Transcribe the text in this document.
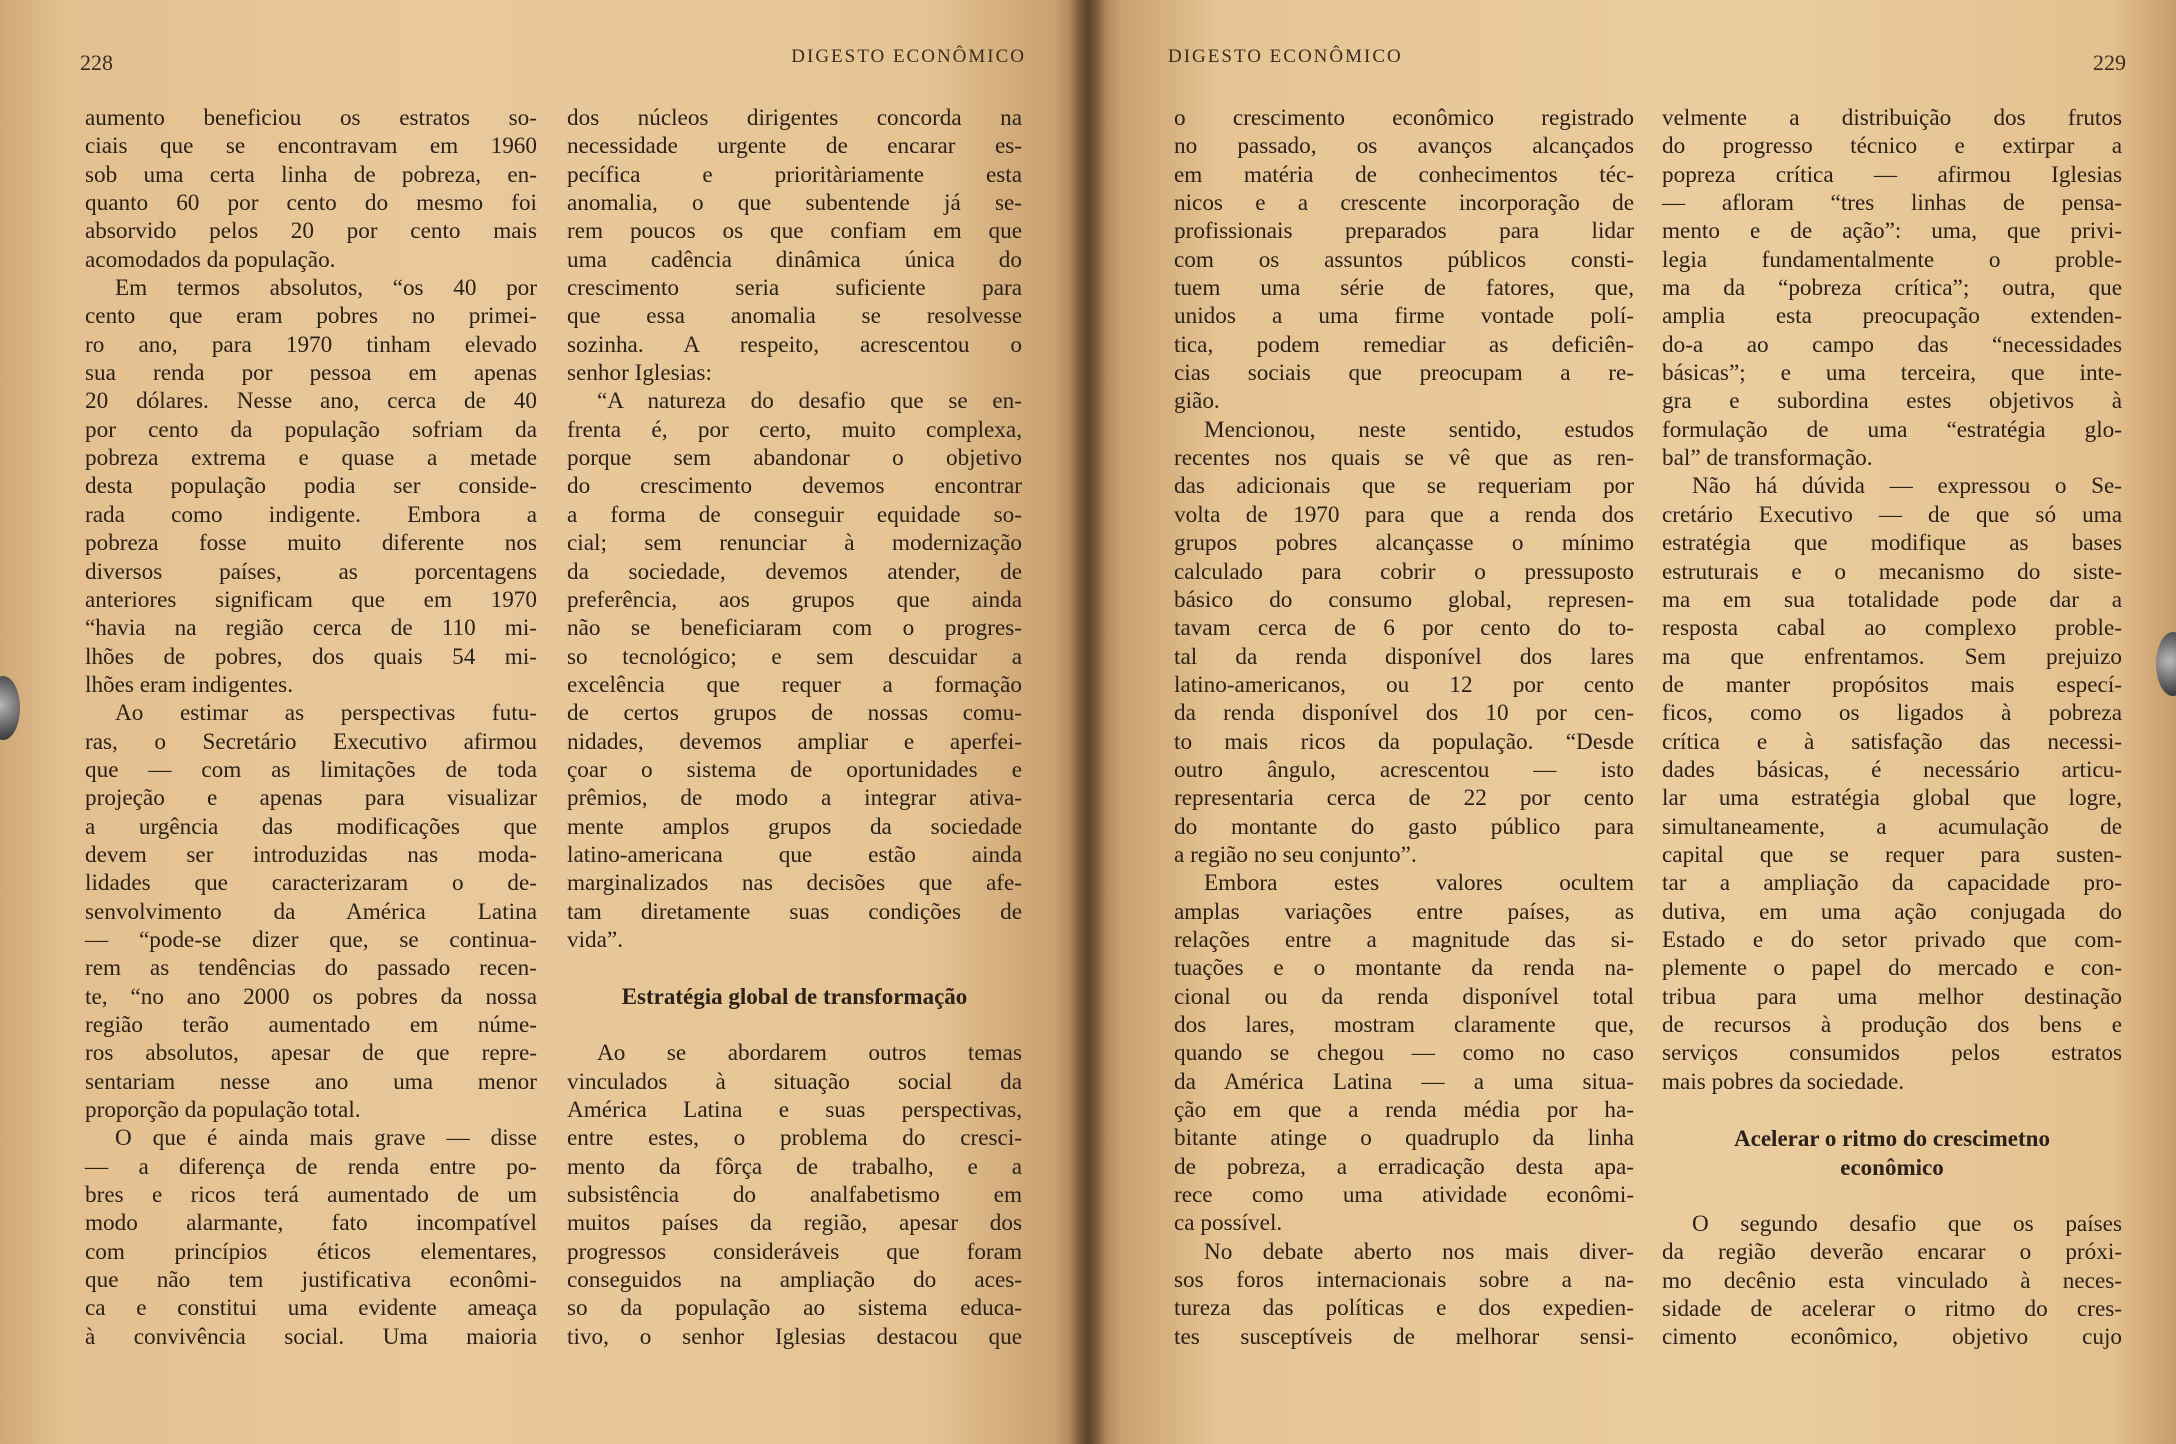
228	DIGESTO ECONÔMICO
aumento beneficiou os estratos so-
ciais que se encontravam em 1960
sob uma certa linha de pobreza, en-
quanto 60 por cento do mesmo foi
absorvido pelos 20 por cento mais
acomodados da população.
Em termos absolutos, “os 40 por
cento que eram pobres no primei-
ro ano, para 1970 tinham elevado
sua renda por pessoa em apenas
20 dólares. Nesse ano, cerca de 40
por cento da população sofriam da
pobreza extrema e quase a metade
desta população podia ser conside-
rada como indigente. Embora a
pobreza fosse muito diferente nos
diversos países, as porcentagens
anteriores significam que em 1970
“havia na região cerca de 110 mi-
lhões de pobres, dos quais 54 mi-
lhões eram indigentes.
Ao estimar as perspectivas futu-
ras, o Secretário Executivo afirmou
que — com as limitações de toda
projeção e apenas para visualizar
a urgência das modificações que
devem ser introduzidas nas moda-
lidades que caracterizaram o de-
senvolvimento da América Latina
— “pode-se dizer que, se continua-
rem as tendências do passado recen-
te, “no ano 2000 os pobres da nossa
região terão aumentado em núme-
ros absolutos, apesar de que repre-
sentariam nesse ano uma menor
proporção da população total.
O que é ainda mais grave — disse
— a diferença de renda entre po-
bres e ricos terá aumentado de um
modo alarmante, fato incompatível
com princípios éticos elementares,
que não tem justificativa econômi-
ca e constitui uma evidente ameaça
à convivência social. Uma maioria
dos núcleos dirigentes concorda na
necessidade urgente de encarar es-
pecífica e prioritàriamente esta
anomalia, o que subentende já se-
rem poucos os que confiam em que
uma cadência dinâmica única do
crescimento seria suficiente para
que essa anomalia se resolvesse
sozinha. A respeito, acrescentou o
senhor Iglesias:
“A natureza do desafio que se en-
frenta é, por certo, muito complexa,
porque sem abandonar o objetivo
do crescimento devemos encontrar
a forma de conseguir equidade so-
cial; sem renunciar à modernização
da sociedade, devemos atender, de
preferência, aos grupos que ainda
não se beneficiaram com o progres-
so tecnológico; e sem descuidar a
excelência que requer a formação
de certos grupos de nossas comu-
nidades, devemos ampliar e aperfei-
çoar o sistema de oportunidades e
prêmios, de modo a integrar ativa-
mente amplos grupos da sociedade
latino-americana que estão ainda
marginalizados nas decisões que afe-
tam diretamente suas condições de
vida”.
Estratégia global de transformação
Ao se abordarem outros temas
vinculados à situação social da
América Latina e suas perspectivas,
entre estes, o problema do cresci-
mento da fôrça de trabalho, e a
subsistência do analfabetismo em
muitos países da região, apesar dos
progressos consideráveis que foram
conseguidos na ampliação do aces-
so da população ao sistema educa-
tivo, o senhor Iglesias destacou que
DIGESTO ECONÔMICO	229
o crescimento econômico registrado
no passado, os avanços alcançados
em matéria de conhecimentos téc-
nicos e a crescente incorporação de
profissionais preparados para lidar
com os assuntos públicos consti-
tuem uma série de fatores, que,
unidos a uma firme vontade polí-
tica, podem remediar as deficiên-
cias sociais que preocupam a re-
gião.
Mencionou, neste sentido, estudos
recentes nos quais se vê que as ren-
das adicionais que se requeriam por
volta de 1970 para que a renda dos
grupos pobres alcançasse o mínimo
calculado para cobrir o pressuposto
básico do consumo global, represen-
tavam cerca de 6 por cento do to-
tal da renda disponível dos lares
latino-americanos, ou 12 por cento
da renda disponível dos 10 por cen-
to mais ricos da população. “Desde
outro ângulo, acrescentou — isto
representaria cerca de 22 por cento
do montante do gasto público para
a região no seu conjunto”.
Embora estes valores ocultem
amplas variações entre países, as
relações entre a magnitude das si-
tuações e o montante da renda na-
cional ou da renda disponível total
dos lares, mostram claramente que,
quando se chegou — como no caso
da América Latina — a uma situa-
ção em que a renda média por ha-
bitante atinge o quadruplo da linha
de pobreza, a erradicação desta apa-
rece como uma atividade econômi-
ca possível.
No debate aberto nos mais diver-
sos foros internacionais sobre a na-
tureza das políticas e dos expedien-
tes susceptíveis de melhorar sensi-
velmente a distribuição dos frutos
do progresso técnico e extirpar a
popreza crítica — afirmou Iglesias
— afloram “tres linhas de pensa-
mento e de ação”: uma, que privi-
legia fundamentalmente o proble-
ma da “pobreza crítica”; outra, que
amplia esta preocupação extenden-
do-a ao campo das “necessidades
básicas”; e uma terceira, que inte-
gra e subordina estes objetivos à
formulação de uma “estratégia glo-
bal” de transformação.
Não há dúvida — expressou o Se-
cretário Executivo — de que só uma
estratégia que modifique as bases
estruturais e o mecanismo do siste-
ma em sua totalidade pode dar a
resposta cabal ao complexo proble-
ma que enfrentamos. Sem prejuizo
de manter propósitos mais especí-
ficos, como os ligados à pobreza
crítica e à satisfação das necessi-
dades básicas, é necessário articu-
lar uma estratégia global que logre,
simultaneamente, a acumulação de
capital que se requer para susten-
tar a ampliação da capacidade pro-
dutiva, em uma ação conjugada do
Estado e do setor privado que com-
plemente o papel do mercado e con-
tribua para uma melhor destinação
de recursos à produção dos bens e
serviços consumidos pelos estratos
mais pobres da sociedade.
Acelerar o ritmo do crescimetno
econômico
O segundo desafio que os países
da região deverão encarar o próxi-
mo decênio esta vinculado à neces-
sidade de acelerar o ritmo do cres-
cimento econômico, objetivo cujo
